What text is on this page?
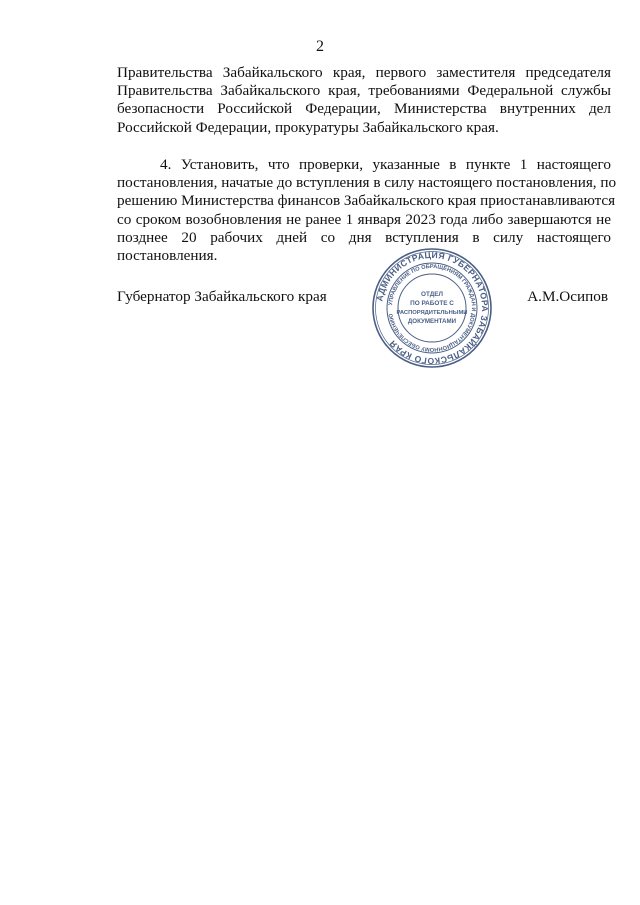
2
Правительства Забайкальского края, первого заместителя председателя
Правительства Забайкальского края, требованиями Федеральной службы
безопасности Российской Федерации, Министерства внутренних дел
Российской Федерации, прокуратуры Забайкальского края.
4. Установить, что проверки, указанные в пункте 1 настоящего
постановления, начатые до вступления в силу настоящего постановления, по
решению Министерства финансов Забайкальского края приостанавливаются
со сроком возобновления не ранее 1 января 2023 года либо завершаются не
позднее 20 рабочих дней со дня вступления в силу настоящего
постановления.
Губернатор Забайкальского края	А.М.Осипов
АДМИНИСТРАЦИЯ ГУБЕРНАТОРА ЗАБАЙКАЛЬСКОГО КРАЯ
УПРАВЛЕНИЕ ПО ОБРАЩЕНИЯМ ГРАЖДАН И ДОКУМЕНТАЦИОННОМУ ОБЕСПЕЧЕНИЮ
ОТДЕЛ
ПО РАБОТЕ С
РАСПОРЯДИТЕЛЬНЫМИ
ДОКУМЕНТАМИ
